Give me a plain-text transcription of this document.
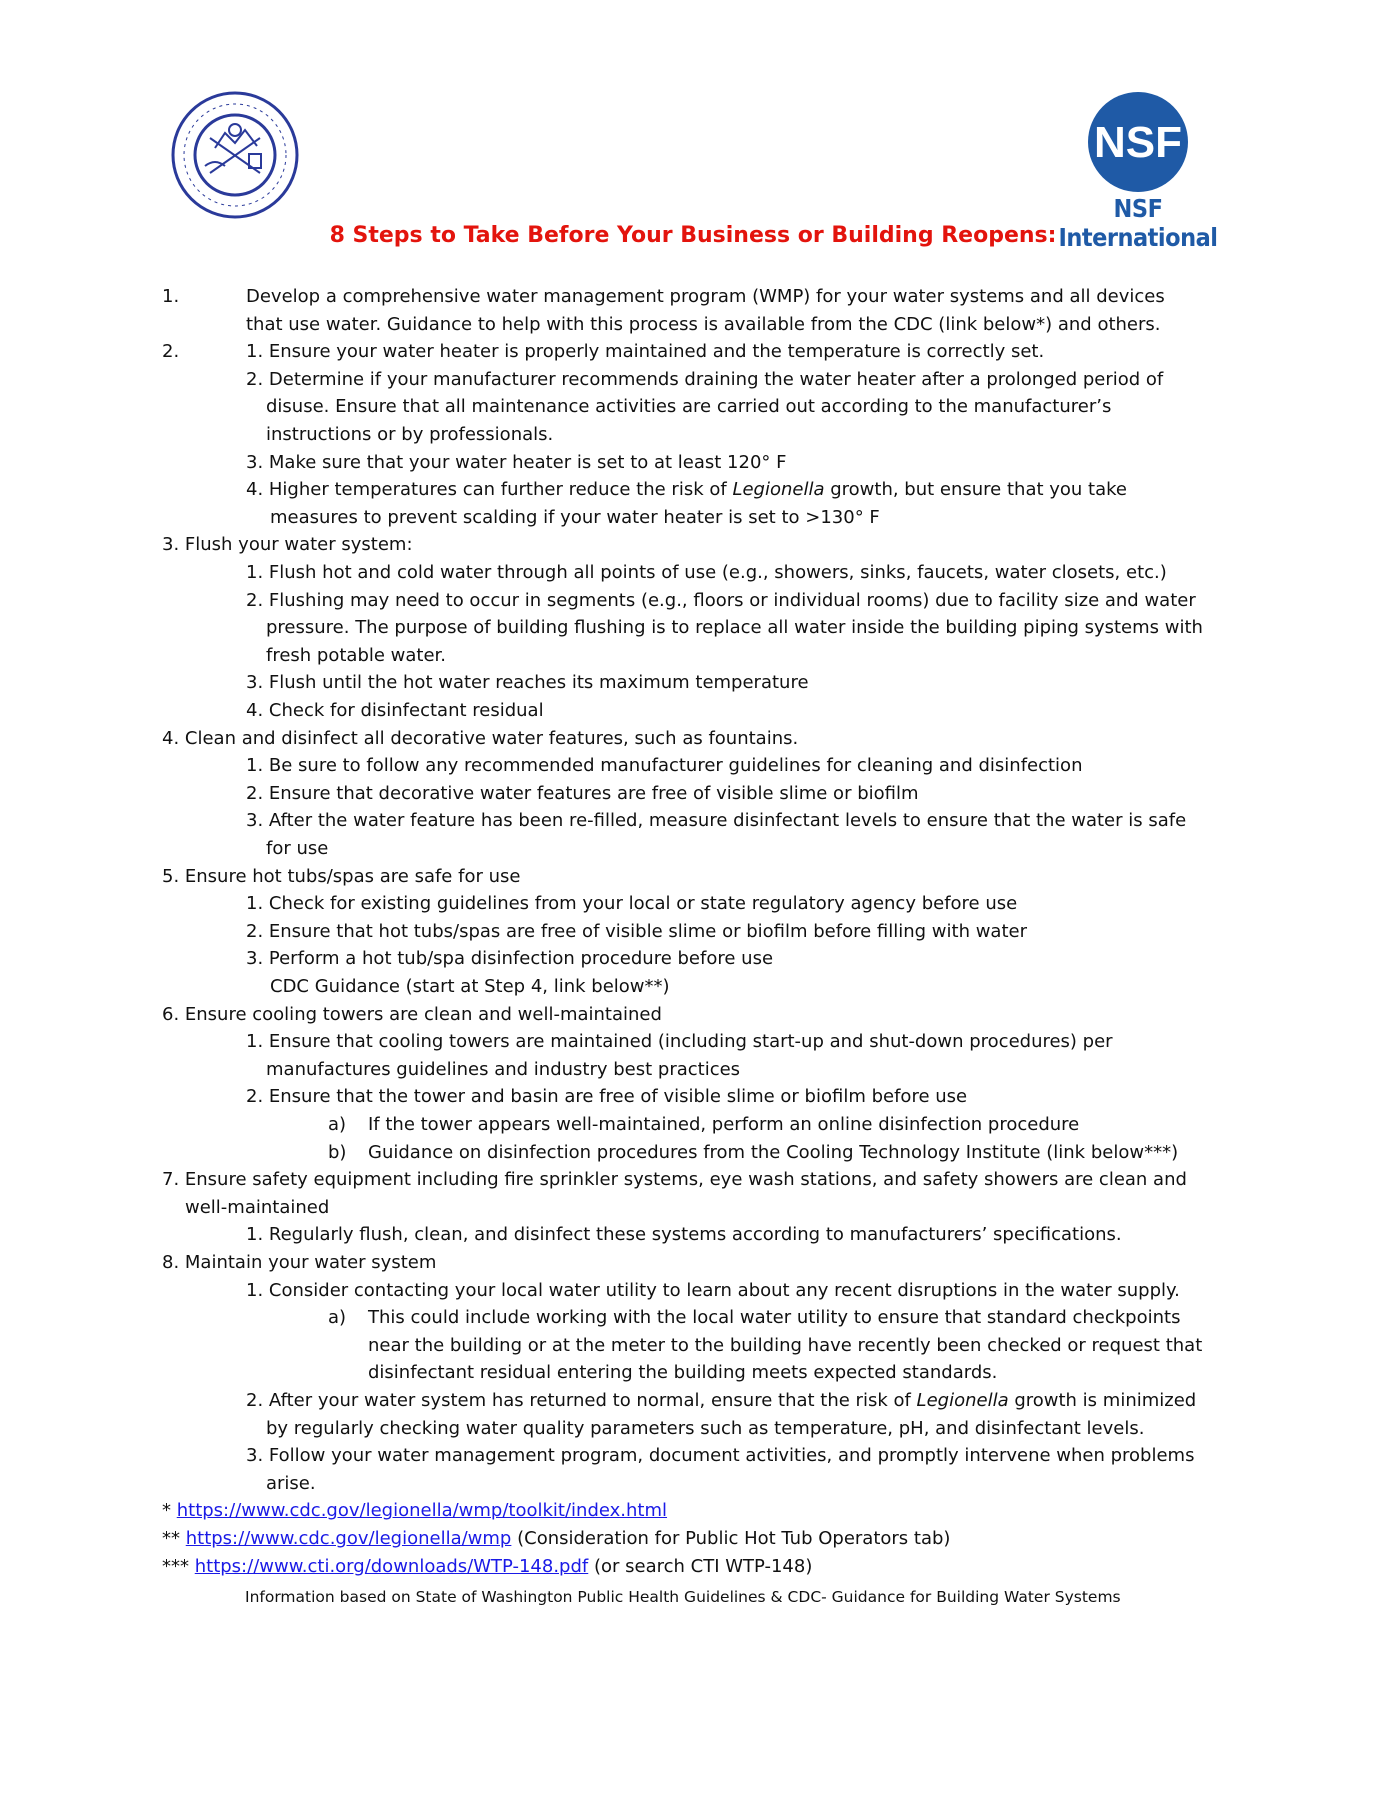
NSF
NSF International
8 Steps to Take Before Your Business or Building Reopens:
1.	Develop a comprehensive water management program (WMP) for your water systems and all devices
that use water. Guidance to help with this process is available from the CDC (link below*) and others.
2.	1. Ensure your water heater is properly maintained and the temperature is correctly set.
2. Determine if your manufacturer recommends draining the water heater after a prolonged period of
disuse. Ensure that all maintenance activities are carried out according to the manufacturer’s
instructions or by professionals.
3. Make sure that your water heater is set to at least 120° F
4. Higher temperatures can further reduce the risk of Legionella growth, but ensure that you take
measures to prevent scalding if your water heater is set to >130° F
3. Flush your water system:
1. Flush hot and cold water through all points of use (e.g., showers, sinks, faucets, water closets, etc.)
2. Flushing may need to occur in segments (e.g., floors or individual rooms) due to facility size and water
pressure. The purpose of building flushing is to replace all water inside the building piping systems with
fresh potable water.
3. Flush until the hot water reaches its maximum temperature
4. Check for disinfectant residual
4. Clean and disinfect all decorative water features, such as fountains.
1. Be sure to follow any recommended manufacturer guidelines for cleaning and disinfection
2. Ensure that decorative water features are free of visible slime or biofilm
3. After the water feature has been re-filled, measure disinfectant levels to ensure that the water is safe
for use
5. Ensure hot tubs/spas are safe for use
1. Check for existing guidelines from your local or state regulatory agency before use
2. Ensure that hot tubs/spas are free of visible slime or biofilm before filling with water
3. Perform a hot tub/spa disinfection procedure before use
CDC Guidance (start at Step 4, link below**)
6. Ensure cooling towers are clean and well-maintained
1. Ensure that cooling towers are maintained (including start-up and shut-down procedures) per
manufactures guidelines and industry best practices
2. Ensure that the tower and basin are free of visible slime or biofilm before use
a) If the tower appears well-maintained, perform an online disinfection procedure
b) Guidance on disinfection procedures from the Cooling Technology Institute (link below***)
7. Ensure safety equipment including fire sprinkler systems, eye wash stations, and safety showers are clean and
well-maintained
1. Regularly flush, clean, and disinfect these systems according to manufacturers’ specifications.
8. Maintain your water system
1. Consider contacting your local water utility to learn about any recent disruptions in the water supply.
a) This could include working with the local water utility to ensure that standard checkpoints
near the building or at the meter to the building have recently been checked or request that
disinfectant residual entering the building meets expected standards.
2. After your water system has returned to normal, ensure that the risk of Legionella growth is minimized
by regularly checking water quality parameters such as temperature, pH, and disinfectant levels.
3. Follow your water management program, document activities, and promptly intervene when problems
arise.
* https://www.cdc.gov/legionella/wmp/toolkit/index.html
** https://www.cdc.gov/legionella/wmp (Consideration for Public Hot Tub Operators tab)
*** https://www.cti.org/downloads/WTP-148.pdf (or search CTI WTP-148)
Information based on State of Washington Public Health Guidelines & CDC- Guidance for Building Water Systems
